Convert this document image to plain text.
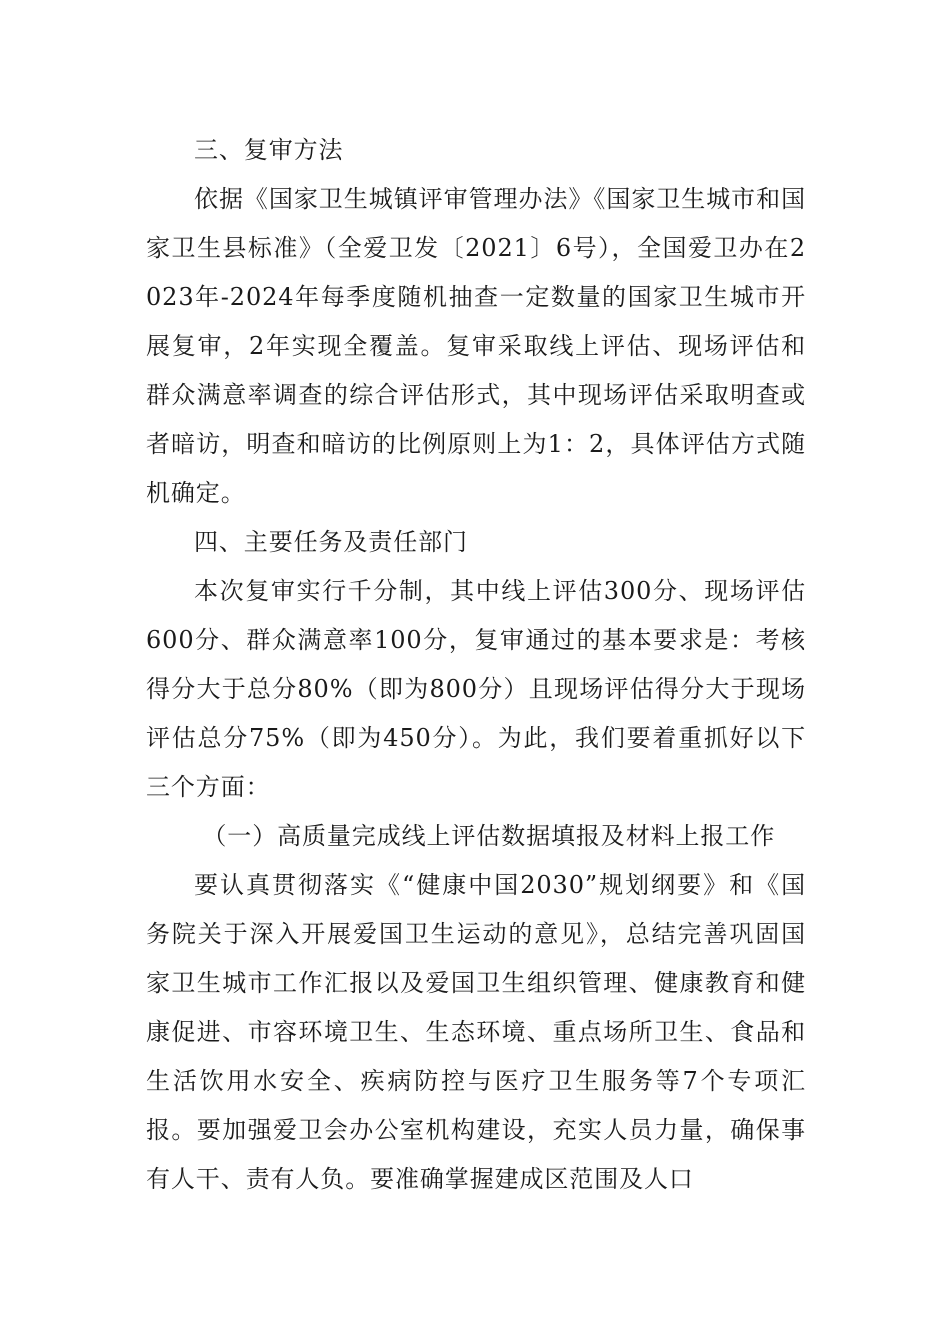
三、复审方法

依据《国家卫生城镇评审管理办法》《国家卫生城市和国家卫生县标准》（全爱卫发〔2021〕6号），全国爱卫办在2023年-2024年每季度随机抽查一定数量的国家卫生城市开展复审，2年实现全覆盖。复审采取线上评估、现场评估和群众满意率调查的综合评估形式，其中现场评估采取明查或者暗访，明查和暗访的比例原则上为1：2，具体评估方式随机确定。

四、主要任务及责任部门

本次复审实行千分制，其中线上评估300分、现场评估600分、群众满意率100分，复审通过的基本要求是：考核得分大于总分80%（即为800分）且现场评估得分大于现场评估总分75%（即为450分）。为此，我们要着重抓好以下三个方面：

（一）高质量完成线上评估数据填报及材料上报工作

要认真贯彻落实《“健康中国2030”规划纲要》和《国务院关于深入开展爱国卫生运动的意见》，总结完善巩固国家卫生城市工作汇报以及爱国卫生组织管理、健康教育和健康促进、市容环境卫生、生态环境、重点场所卫生、食品和生活饮用水安全、疾病防控与医疗卫生服务等7个专项汇报。要加强爱卫会办公室机构建设，充实人员力量，确保事有人干、责有人负。要准确掌握建成区范围及人口
